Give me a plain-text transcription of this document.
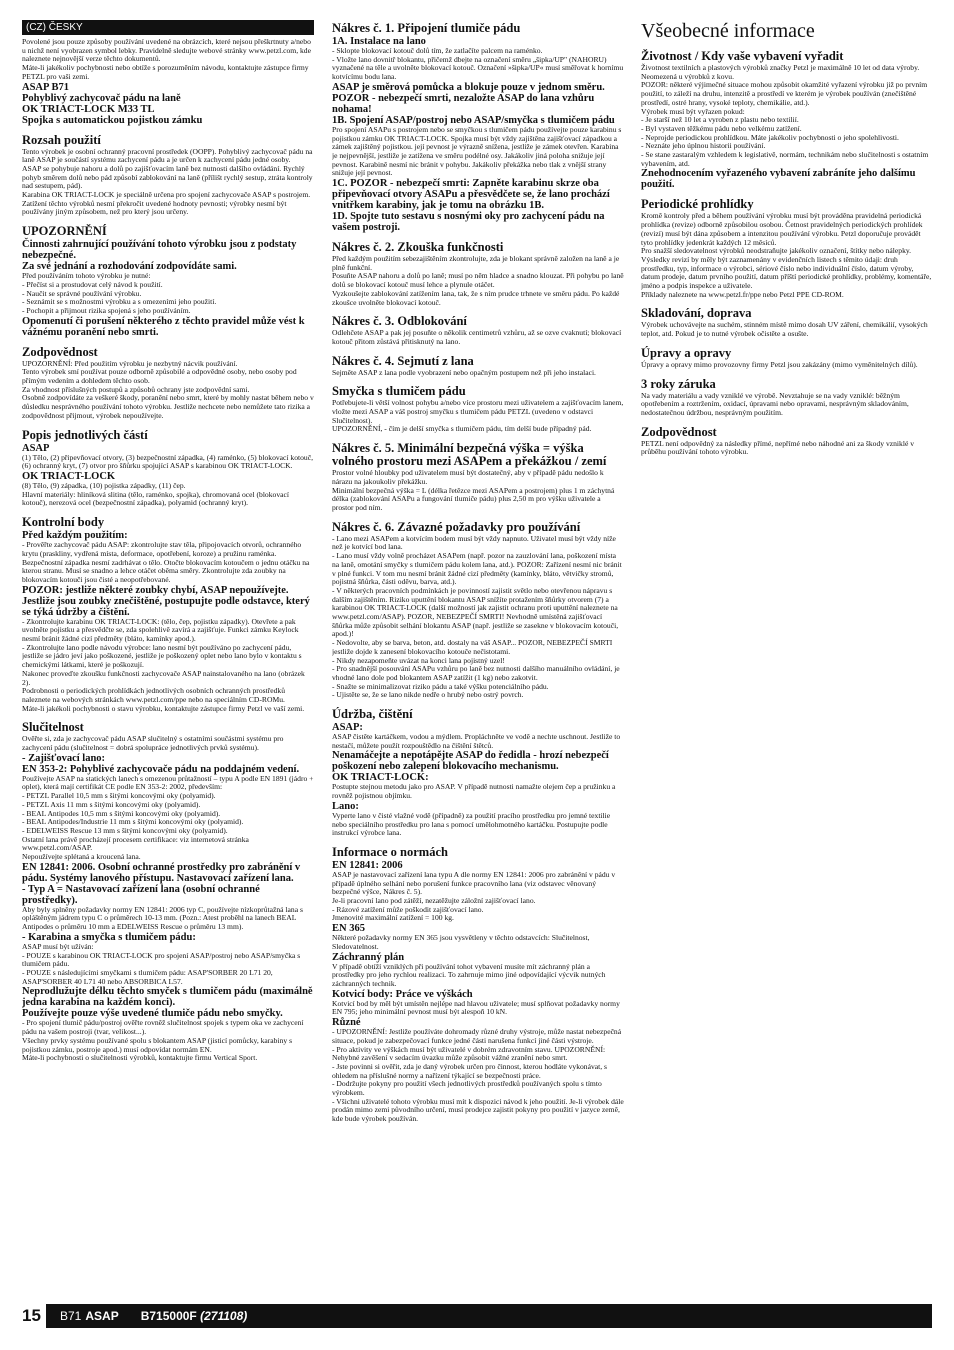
(CZ) ČESKY

Povolené jsou pouze způsoby používání uvedené na obrázcích, které nejsou přeškrtnuty a/nebo u nichž není vyobrazen symbol lebky. Pravidelně sledujte webové stránky www.petzl.com, kde naleznete nejnovější verze těchto dokumentů.
Máte-li jakékoliv pochybnosti nebo obtíže s porozuměním návodu, kontaktujte zástupce firmy PETZL pro vaši zemi.

ASAP B71

Pohyblivý zachycovač pádu na laně

OK TRIACT-LOCK M33 TL

Spojka s automatickou pojistkou zámku

Rozsah použití

Tento výrobek je osobní ochranný pracovní prostředek (OOPP). Pohyblivý zachycovač pádu na laně ASAP je součástí systému zachycení pádu a je určen k zachycení pádu jedné osoby.
ASAP se pohybuje nahoru a dolů po zajišťovacím laně bez nutnosti dalšího ovládání. Rychlý pohyb směrem dolů nebo pád způsobí zablokování na laně (přílišt rychlý sestup, ztráta kontroly nad sestupem, pád).
Karabina OK TRIACT-LOCK je speciálně určena pro spojení zachycovače ASAP s postrojem.
Zatížení těchto výrobků nesmí překročit uvedené hodnoty pevnosti; výrobky nesmí být používány jiným způsobem, než pro který jsou určeny.

UPOZORNĚNÍ

Činnosti zahrnující používání tohoto výrobku jsou z podstaty nebezpečné.

Za své jednání a rozhodování zodpovídáte sami.

Před používáním tohoto výrobku je nutné:
- Přečíst si a prostudovat celý návod k použití.
- Naučit se správné používání výrobku.
- Seznámit se s možnostmi výrobku a s omezeními jeho použití.
- Pochopit a přijmout rizika spojená s jeho používáním.

Opomenutí či porušení některého z těchto pravidel může vést k vážnému poranění nebo smrti.

Zodpovědnost

UPOZORNĚNÍ: Před použitím výrobku je nezbytný nácvik používání.
Tento výrobek smí používat pouze odborně způsobilé a odpovědné osoby, nebo osoby pod přímým vedením a dohledem těchto osob.
Za vhodnost příslušných postupů a způsobů ochrany jste zodpovědní sami.
Osobně zodpovídáte za veškeré škody, poranění nebo smrt, které by mohly nastat během nebo v důsledku nesprávného používání tohoto výrobku. Jestliže nechcete nebo nemůžete tato rizika a zodpovědnost přijmout, výrobek nepoužívejte.

Popis jednotlivých částí

ASAP

(1) Tělo, (2) připevňovací otvory, (3) bezpečnostní západka, (4) raménko, (5) blokovací kotouč, (6) ochranný kryt, (7) otvor pro šňůrku spojující ASAP s karabinou OK TRIACT-LOCK.

OK TRIACT-LOCK

(8) Tělo, (9) západka, (10) pojistka západky, (11) čep.
Hlavní materiály: hliníková slitina (tělo, raménko, spojka), chromovaná ocel (blokovací kotouč), nerezová ocel (bezpečnostní západka), polyamid (ochranný kryt).

Kontrolní body

Před každým použitím:

- Prověřte zachycovač pádu ASAP: zkontrolujte stav těla, připojovacích otvorů, ochranného krytu (praskliny, vydřená místa, deformace, opotřebení, koroze) a pružinu raménka. Bezpečnostní západka nesmí zadrhávat o tělo. Otočte blokovacím kotoučem o jednu otáčku na kterou stranu. Musí se snadno a lehce otáčet oběma směry. Zkontrolujte zda zoubky na blokovacím kotouči jsou čisté a neopotřebované.

POZOR: jestliže některé zoubky chybí, ASAP nepoužívejte. Jestliže jsou zoubky znečištěné, postupujte podle odstavce, který se týká údržby a čištění.

- Zkontrolujte karabinu OK TRIACT-LOCK: (tělo, čep, pojistku západky). Otevřete a pak uvolněte pojistku a přesvědčte se, zda spolehlivě zavírá a zajišťuje. Funkci zámku Keylock nesmí bránit žádné cizí předměty (bláto, kamínky apod.).
- Zkontrolujte lano podle návodu výrobce: lano nesmí být používáno po zachycení pádu, jestliže se jádro jeví jako poškozené, jestliže je poškozený oplet nebo lano bylo v kontaktu s chemickými látkami, které je poškozují.
Nakonec proveďte zkoušku funkčnosti zachycovače ASAP nainstalovaného na lano (obrázek 2).
Podrobnosti o periodických prohlídkách jednotlivých osobních ochranných prostředků naleznete na webových stránkách www.petzl.com/ppe nebo na speciálním CD-ROMu.
Máte-li jakékoli pochybnosti o stavu výrobku, kontaktujte zástupce firmy Petzl ve vaší zemi.

Slučitelnost

Ověřte si, zda je zachycovač pádu ASAP slučitelný s ostatními součástmi systému pro zachycení pádu (slučitelnost = dobrá spolupráce jednotlivých prvků systému).

- Zajišťovací lano:

EN 353-2: Pohyblivé zachycovače pádu na poddajném vedení.

Používejte ASAP na statických lanech s omezenou průtažností – typu A podle EN 1891 (jádro + oplet), která mají certifikát CE podle EN 353-2: 2002, především:
- PETZL Parallel 10,5 mm s šitými koncovými oky (polyamid).
- PETZL Axis 11 mm s šitými koncovými oky (polyamid).
- BEAL Antipodes 10,5 mm s šitými koncovými oky (polyamid).
- BEAL Antipodes/Industrie 11 mm s šitými koncovými oky (polyamid).
- EDELWEISS Rescue 13 mm s šitými koncovými oky (polyamid).
Ostatní lana právě procházejí procesem certifikace: viz internetová stránka www.petzl.com/ASAP.
Nepoužívejte splétaná a kroucená lana.

EN 12841: 2006. Osobní ochranné prostředky pro zabránění v pádu. Systémy lanového přístupu. Nastavovací zařízení lana.

- Typ A = Nastavovací zařízení lana (osobní ochranné prostředky).

Aby byly splněny požadavky normy EN 12841: 2006 typ C, používejte nízkoprůtažná lana s opláštěným jádrem typu C o průměrech 10-13 mm. (Pozn.: Atest proběhl na lanech BEAL Antipodes o průměru 10 mm a EDELWEISS Rescue o průměru 13 mm).

- Karabina a smyčka s tlumičem pádu:

ASAP musí být užíván:
- POUZE s karabinou OK TRIACT-LOCK pro spojení ASAP/postroj nebo ASAP/smyčka s tlumičem pádu.
- POUZE s následujícími smyčkami s tlumičem pádu: ASAP'SORBER 20 L71 20, ASAP'SORBER 40 L71 40 nebo ABSORBICA L57.

Neprodlužujte délku těchto smyček s tlumičem pádu (maximálně jedna karabina na každém konci).

Používejte pouze výše uvedené tlumiče pádu nebo smyčky.

- Pro spojení tlumič pádu/postroj ověřte rovněž slučitelnost spojek s typem oka ve zachycení pádu na vašem postroji (tvar, velikost...).
Všechny prvky systému používané spolu s blokantem ASAP (jisticí pomůcky, karabiny s pojistkou zámku, postroje apod.) musí odpovídat normám EN.
Máte-li pochybnosti o slučitelnosti výrobků, kontaktujte firmu Vertical Sport.

Nákres č. 1. Připojení tlumiče pádu

1A. Instalace na lano

- Sklopte blokovací kotouč dolů tím, že zatlačíte palcem na raménko.
- Vložte lano dovnitř blokantu, přičemž dbejte na označení směru „šipka/UP" (NAHORU) vyznačené na těle a uvolněte blokovací kotouč. Označení »šipka/UP« musí směřovat k hornímu kotvícímu bodu lana.

ASAP je směrová pomůcka a blokuje pouze v jednom směru. POZOR - nebezpečí smrti, nezaložte ASAP do lana vzhůru nohama!

1B. Spojení ASAP/postroj nebo ASAP/smyčka s tlumičem pádu

Pro spojení ASAPu s postrojem nebo se smyčkou s tlumičem pádu používejte pouze karabinu s pojistkou zámku OK TRIACT-LOCK. Spojka musí být vždy zajištěna zajišťovací západkou a zámek zajištěný pojistkou. její pevnost je výrazně snížena, jestliže je zámek otevřen. Karabina je nejpevnější, jestliže je zatížena ve směru podélné osy. Jakákoliv jiná poloha snižuje její pevnost. Karabině nesmí nic bránit v pohybu. Jakákoliv překážka nebo tlak z vnější strany snižuje její pevnost.

1C. POZOR - nebezpečí smrti: Zapněte karabinu skrze oba připevňovací otvory ASAPu a přesvědčete se, že lano prochází vnitřkem karabiny, jak je tomu na obrázku 1B.

1D. Spojte tuto sestavu s nosnými oky pro zachycení pádu na vašem postroji.

Nákres č. 2. Zkouška funkčnosti

Před každým použitím sebezajištěním zkontrolujte, zda je blokant správně založen na laně a je plně funkční.
Posuňte ASAP nahoru a dolů po laně; musí po něm hladce a snadno klouzat. Při pohybu po laně dolů se blokovací kotouč musí lehce a plynule otáčet.
Vyzkoušejte zablokování zatížením lana, tak, že s ním prudce trhnete ve směru pádu. Po každé zkoušce uvolněte blokovací kotouč.

Nákres č. 3. Odblokování

Odlehčete ASAP a pak jej posuňte o několik centimetrů vzhůru, až se ozve cvaknutí; blokovací kotouč přitom zůstává přitisknutý na lano.

Nákres č. 4. Sejmutí z lana

Sejměte ASAP z lana podle vyobrazení nebo opačným postupem než při jeho instalaci.

Smyčka s tlumičem pádu

Potřebujete-li větší volnost pohybu a/nebo více prostoru mezi uživatelem a zajišťovacím lanem, vložte mezi ASAP a váš postroj smyčku s tlumičem pádu PETZL (uvedeno v odstavci Slučitelnost).
UPOZORNĚNÍ, - čím je delší smyčka s tlumičem pádu, tím delší bude případný pád.

Nákres č. 5. Minimální bezpečná výška = výška volného prostoru mezi ASAPem a překážkou / zemí

Prostor volné hloubky pod uživatelem musí být dostatečný, aby v případě pádu nedošlo k nárazu na jakoukoliv překážku.
Minimální bezpečná výška = L (délka řetězce mezi ASAPem a postrojem) plus 1 m záchytná délka (zablokování ASAPu a fungování tlumiče pádu) plus 2,50 m pro výšku uživatele a prostor pod ním.

Nákres č. 6. Závazné požadavky pro používání

- Lano mezi ASAPem a kotvícím bodem musí být vždy napnuto. Uživatel musí být vždy níže než je kotvící bod lana.
- Lano musí vždy volně procházet ASAPem (např. pozor na zauzlování lana, poškození místa na laně, omotání smyčky s tlumičem pádu kolem lana, atd.). POZOR: Zařízení nesmí nic bránit v plné funkci. V tom mu nesmí bránit žádné cizí předměty (kamínky, bláto, větvičky stromů, pojistná šňůrka, části oděvu, barva, atd.).
- V některých pracovních podmínkách je povinností zajistit světlo nebo otevřenou nápravu s dalším zajištěním. Riziko uputtění blokantu ASAP snížíte protažením šňůrky otvorem (7) a karabinou OK TRIACT-LOCK (další možností jak zajistit ochranu proti uputtění naleznete na www.petzl.com/ASAP). POZOR, NEBEZPEČÍ SMRTI! Nevhodně umístěná zajišťovací šňůrka může způsobit selhání blokantu ASAP (např. jestliže se zasekne v blokovacím kotouči, apod.)!
- Nedovolte, aby se barva, beton, atd. dostaly na váš ASAP... POZOR, NEBEZPEČÍ SMRTI jestliže dojde k zanesení blokovacího kotouče nečistotami.
- Nikdy nezapomeňte uvázat na konci lana pojistný uzel!
- Pro snadnější posouvání ASAPu vzhůru po laně bez nutnosti dalšího manuálního ovládání, je vhodné lano dole pod blokantem ASAP zatížit (1 kg) nebo zakotvit.
- Snažte se minimalizovat riziko pádu a také výšku potenciálního pádu.
- Ujistěte se, že se lano nikde nedře o hrubý nebo ostrý povrch.

Údržba, čištění

ASAP:

ASAP čistěte kartáčkem, vodou a mýdlem. Propláchněte ve vodě a nechte uschnout. Jestliže to nestačí, můžete použít rozpouštědlo na čištění štětců.

Nenamáčejte a nepotápějte ASAP do ředidla - hrozí nebezpečí poškození nebo zalepení blokovacího mechanismu.

OK TRIACT-LOCK:

Postupte stejnou metodu jako pro ASAP. V případě nutnosti namažte olejem čep a pružinku a rovněž pojistnou objímku.

Lano:

Vyperte lano v čisté vlažné vodě (případně) za použití pracího prostředku pro jemné textilie nebo speciálního prostředku pro lana s pomocí umělohmotného kartáčku. Postupujte podle instrukcí výrobce lana.

Informace o normách

EN 12841: 2006

ASAP je nastavovací zařízení lana typu A dle normy EN 12841: 2006 pro zabránění v pádu v případě úplného selhání nebo porušení funkce pracovního lana (viz odstavec věnovaný bezpečné výšce, Nákres č. 5).
Je-li pracovní lano pod zátěží, nezatěžujte záložní zajišťovací lano.
- Rázové zatížení může poškodit zajišťovací lano.
Jmenovité maximální zatížení = 100 kg.

EN 365

Některé požadavky normy EN 365 jsou vysvětleny v těchto odstavcích: Slučitelnost, Sledovatelnost.

Záchranný plán

V případě obtíží vzniklých při používání tohot vybavení musíte mít záchranný plán a prostředky pro jeho rychlou realizaci. To zahrnuje mimo jiné odpovídající výcvik nutných záchranných technik.

Kotvicí body: Práce ve výškách

Kotvicí bod by měl být umístěn nejlépe nad hlavou uživatele; musí splňovat požadavky normy EN 795; jeho minimální pevnost musí být alespoň 10 kN.

Různé

- UPOZORNĚNÍ: Jestliže používáte dohromady různé druhy výstroje, může nastat nebezpečná situace, pokud je zabezpečovací funkce jedné části narušena funkcí jiné části výstroje.
- Pro aktivity ve výškách musí být uživatelé v dobrém zdravotním stavu. UPOZORNĚNÍ: Nehybné zavěšení v sedacím úvazku může způsobit vážné zranění nebo smrt.
- Jste povinni si ověřit, zda je daný výrobek určen pro činnost, kterou hodláte vykonávat, s ohledem na příslušné normy a nařízení týkající se bezpečnosti práce.
- Dodržujte pokyny pro použití všech jednotlivých prostředků používaných spolu s tímto výrobkem.
- Všichni uživatelé tohoto výrobku musí mít k dispozici návod k jeho použití. Je-li výrobek dále prodán mimo zemi původního určení, musí prodejce zajistit pokyny pro použití v jazyce země, kde bude výrobek používán.

Všeobecné informace
Životnost / Kdy vaše vybavení vyřadit

Životnost textilních a plastových výrobků značky Petzl je maximálně 10 let od data výroby. Neomezená u výrobků z kovu.
POZOR: některé výjimečné situace mohou způsobit okamžité vyřazení výrobku již po prvním použití, to záleží na druhu, intenzitě a prostředí ve kterém je výrobek používán (znečištěné prostředí, ostré hrany, vysoké teploty, chemikálie, atd.).
Výrobek musí být vyřazen pokud:
- Je starší než 10 let a vyroben z plastu nebo textilií.
- Byl vystaven těžkému pádu nebo velkému zatížení.
- Neprojde periodickou prohlídkou. Máte jakékoliv pochybnosti o jeho spolehlivosti.
- Neznáte jeho úplnou historii používání.
- Se stane zastaralým vzhledem k legislativě, normám, technikám nebo slučitelnosti s ostatním vybavením, atd.

Znehodnocením vyřazeného vybavení zabráníte jeho dalšímu použití.

Periodické prohlídky

Kromě kontroly před a během používání výrobku musí být prováděna pravidelná periodická prohlídka (revize) odborně způsobilou osobou. Četnost pravidelných periodických prohlídek (revizí) musí být dána způsobem a intenzitou používání výrobku. Petzl doporučuje provádět tyto prohlídky jedenkrát každých 12 měsíců.
Pro snažší sledovatelnost výrobků neodstraňujte jakékoliv označení, štítky nebo nálepky.
Výsledky revizí by měly být zaznamenány v evidenčních listech s těmito údaji: druh prostředku, typ, informace o výrobci, sériové číslo nebo individuální číslo, datum výroby, datum prodeje, datum prvního použití, datum příští periodické prohlídky, problémy, komentáře, jméno a podpis inspekce a uživatele.
Příklady naleznete na www.petzl.fr/ppe nebo Petzl PPE CD-ROM.

Skladování, doprava

Výrobek uchovávejte na suchém, stinném místě mimo dosah UV záření, chemikálií, vysokých teplot, atd. Pokud je to nutné výrobek očistěte a osušte.

Úpravy a opravy

Úpravy a opravy mimo provozovny firmy Petzl jsou zakázány (mimo vyměnitelných dílů).

3 roky záruka

Na vady materiálu a vady vzniklé ve výrobě. Nevztahuje se na vady vzniklé: běžným opotřebením a roztržením, oxidací, úpravami nebo opravami, nesprávným skladováním, nedostatečnou údržbou, nesprávným použitím.

Zodpovědnost

PETZL není odpovědný za následky přímé, nepřímé nebo náhodné ani za škody vzniklé v průběhu používání tohoto výrobku.

15	B71 ASAP B715000F (271108)
